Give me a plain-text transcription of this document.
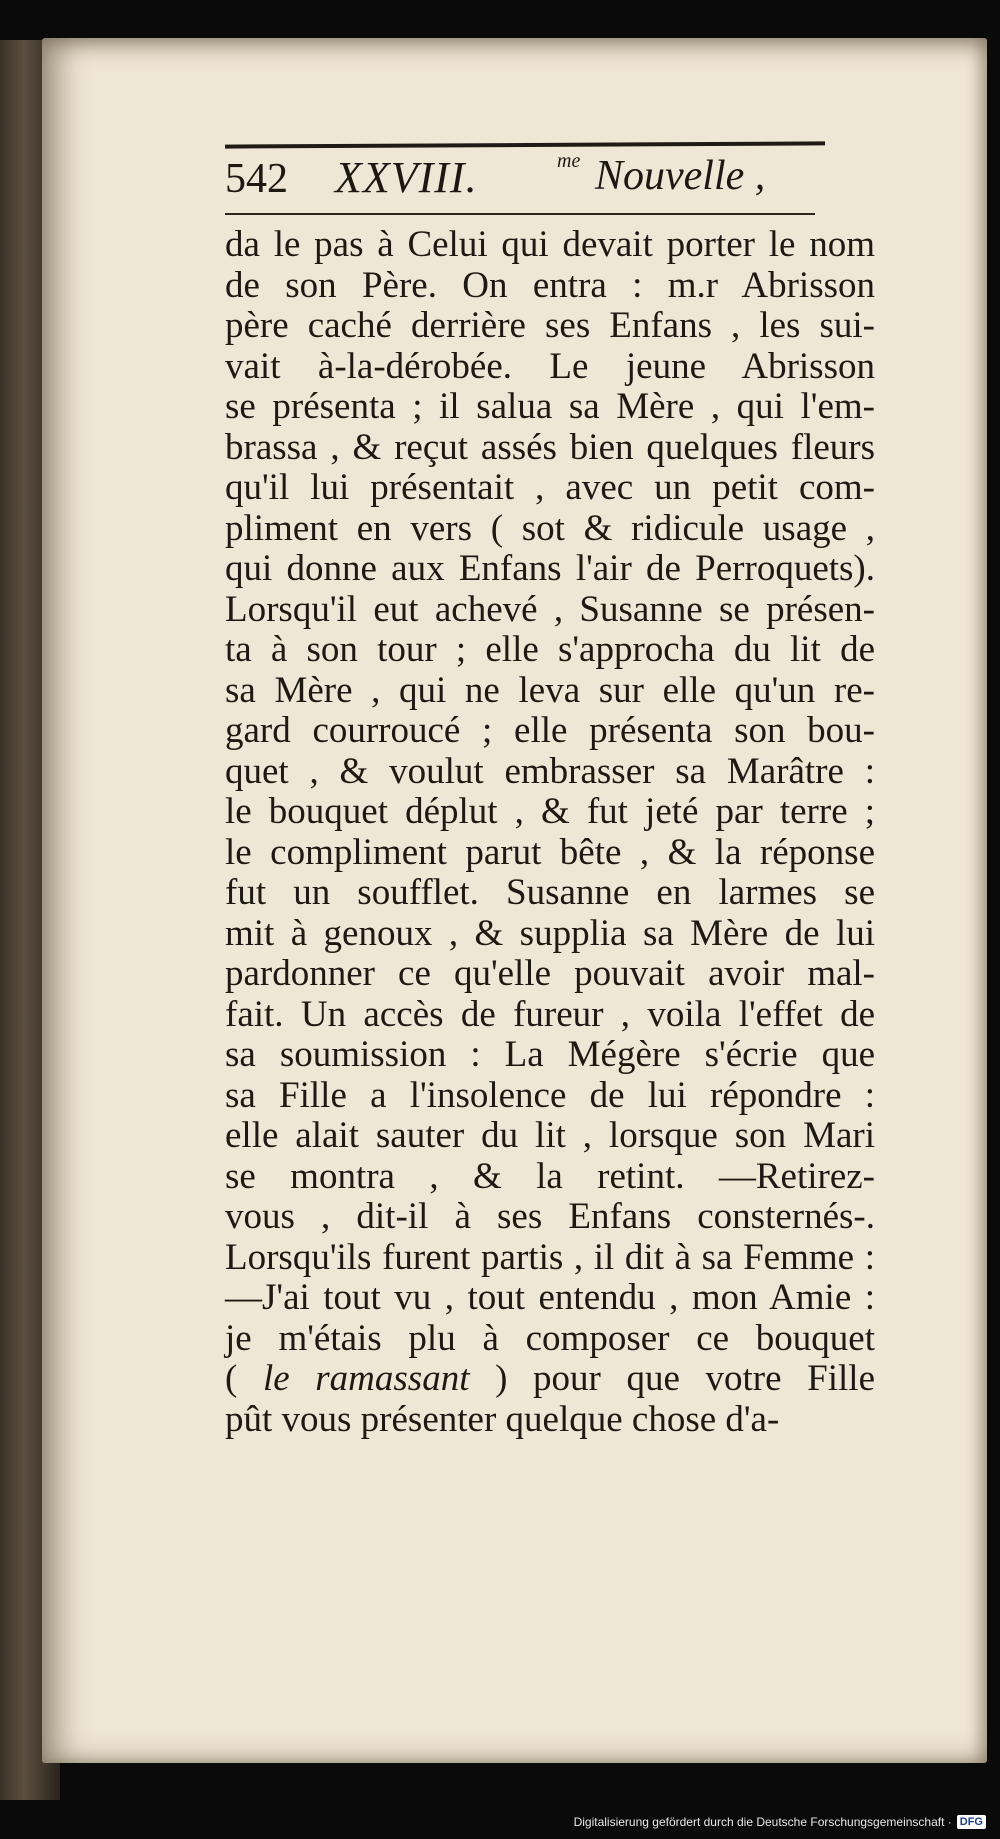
542 XXVIII.	me Nouvelle ,
da le pas à Celui qui devait porter le nom
de son Père. On entra : m.r Abrisson
père caché derrière ses Enfans , les sui-
vait à-la-dérobée. Le jeune Abrisson
se présenta ; il salua sa Mère , qui l'em-
brassa , & reçut assés bien quelques fleurs
qu'il lui présentait , avec un petit com-
pliment en vers ( sot & ridicule usage ,
qui donne aux Enfans l'air de Perroquets).
Lorsqu'il eut achevé , Susanne se présen-
ta à son tour ; elle s'approcha du lit de
sa Mère , qui ne leva sur elle qu'un re-
gard courroucé ; elle présenta son bou-
quet , & voulut embrasser sa Marâtre :
le bouquet déplut , & fut jeté par terre ;
le compliment parut bête , & la réponse
fut un soufflet. Susanne en larmes se
mit à genoux , & supplia sa Mère de lui
pardonner ce qu'elle pouvait avoir mal-
fait. Un accès de fureur , voila l'effet de
sa soumission : La Mégère s'écrie que
sa Fille a l'insolence de lui répondre :
elle alait sauter du lit , lorsque son Mari
se montra , & la retint. —Retirez-
vous , dit-il à ses Enfans consternés-.
Lorsqu'ils furent partis , il dit à sa Femme :
—J'ai tout vu , tout entendu , mon Amie :
je m'étais plu à composer ce bouquet
( le ramassant ) pour que votre Fille
pût vous présenter quelque chose d'a-
Digitalisierung gefördert durch die Deutsche Forschungsgemeinschaft · DFG
